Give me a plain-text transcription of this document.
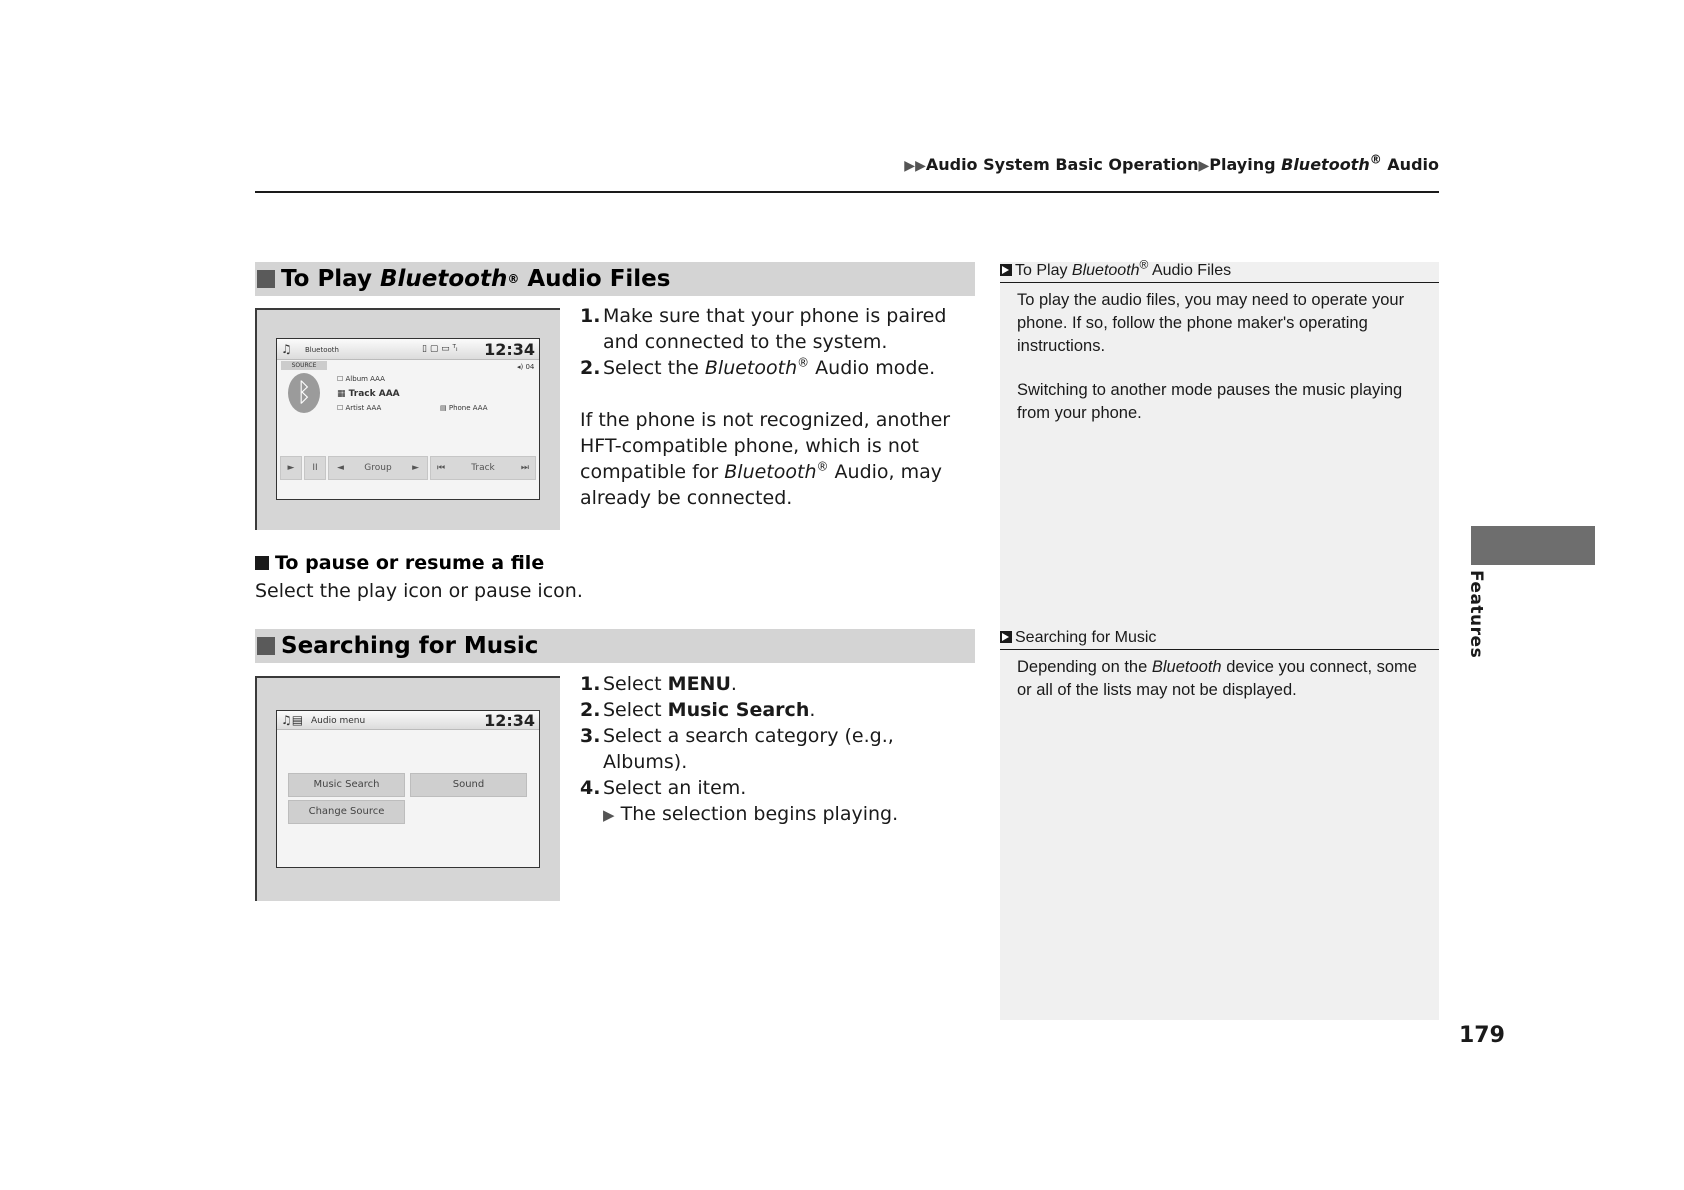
▶▶Audio System Basic Operation▶Playing Bluetooth® Audio
To Play Bluetooth ® Audio Files
♫ Bluetooth	▯ ▢ ▭ ᵀᵢ 12:34
SOURCE
ᛒ	☐ Album AAA
▦ Track AAA
☐ Artist AAA	▤ Phone AAA
◂) 04
►	II	◄ Group ► ⏮	Track	⏭
1. Make sure that your phone is paired and connected to the system.
2. Select the Bluetooth® Audio mode.
If the phone is not recognized, another HFT-compatible phone, which is not compatible for Bluetooth® Audio, may already be connected.
To pause or resume a file
Select the play icon or pause icon.
Searching for Music
♫▤ Audio menu	12:34
Music Search	Sound
Change Source
1. Select MENU.
2. Select Music Search.
3. Select a search category (e.g., Albums).
4. Select an item.
▶ The selection begins playing.
To Play Bluetooth® Audio Files
To play the audio files, you may need to operate your phone. If so, follow the phone maker's operating instructions.
Switching to another mode pauses the music playing from your phone.
Searching for Music
Depending on the Bluetooth device you connect, some or all of the lists may not be displayed.
Features
179
